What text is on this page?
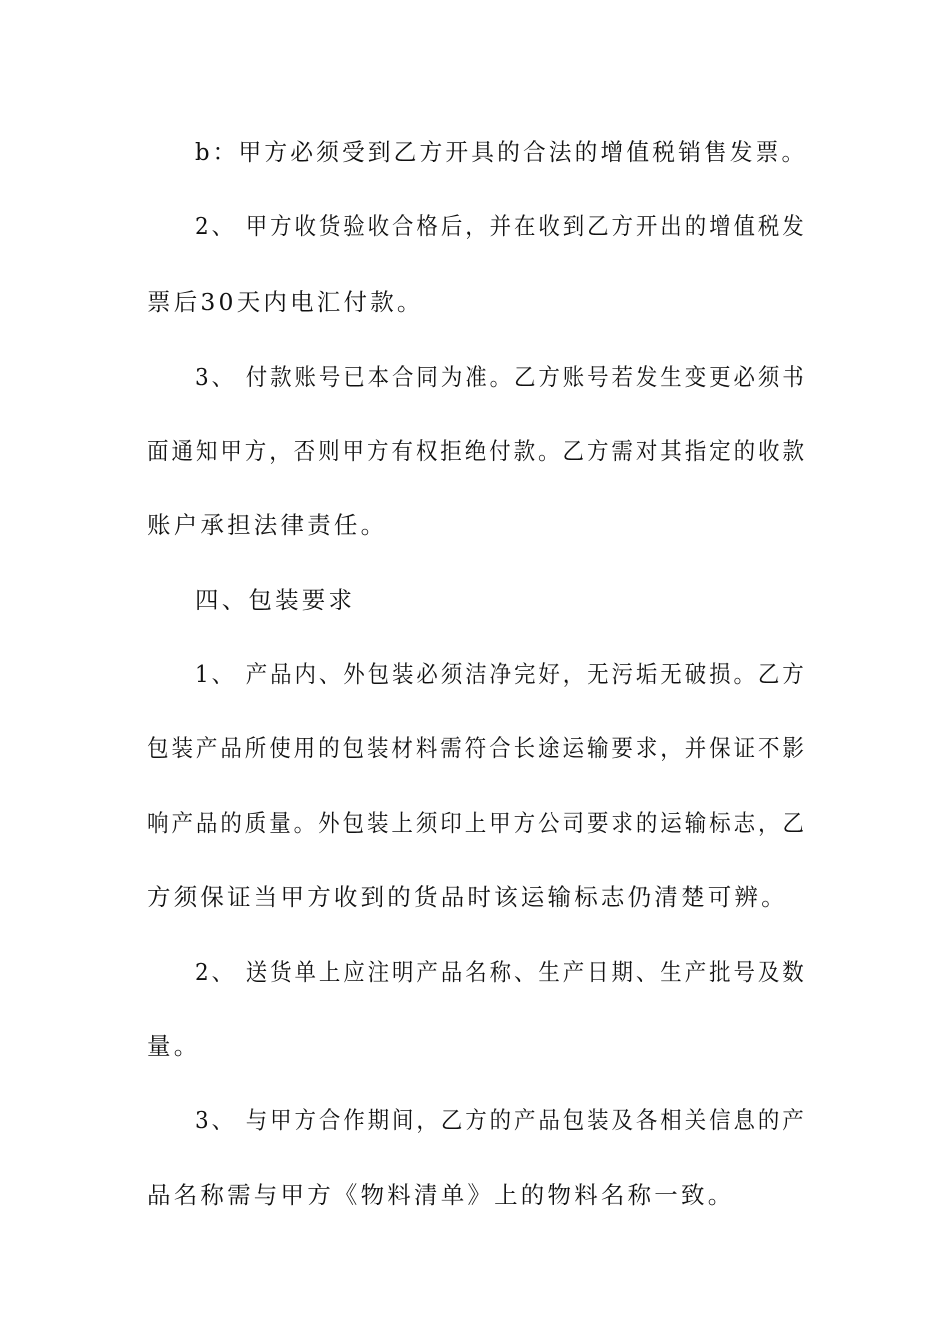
b：甲方必须受到乙方开具的合法的增值税销售发票。
2、 甲方收货验收合格后，并在收到乙方开出的增值税发
票后30天内电汇付款。
3、 付款账号已本合同为准。乙方账号若发生变更必须书
面通知甲方，否则甲方有权拒绝付款。乙方需对其指定的收款
账户承担法律责任。
四、包装要求
1、 产品内、外包装必须洁净完好，无污垢无破损。乙方
包装产品所使用的包装材料需符合长途运输要求，并保证不影
响产品的质量。外包装上须印上甲方公司要求的运输标志，乙
方须保证当甲方收到的货品时该运输标志仍清楚可辨。
2、 送货单上应注明产品名称、生产日期、生产批号及数
量。
3、 与甲方合作期间，乙方的产品包装及各相关信息的产
品名称需与甲方《物料清单》上的物料名称一致。
